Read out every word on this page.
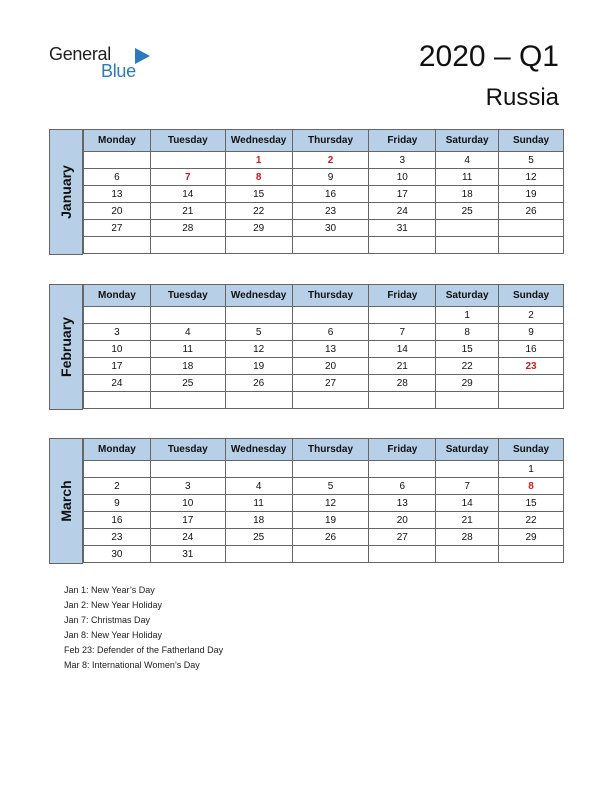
General
Blue	2020 – Q1
Russia
January
Monday	Tuesday	Wednesday	Thursday	Friday	Saturday	Sunday
		1	2	3	4	5
6	7	8	9	10	11	12
13	14	15	16	17	18	19
20	21	22	23	24	25	26
27	28	29	30	31		

February
Monday	Tuesday	Wednesday	Thursday	Friday	Saturday	Sunday
					1	2
3	4	5	6	7	8	9
10	11	12	13	14	15	16
17	18	19	20	21	22	23
24	25	26	27	28	29	

March
Monday	Tuesday	Wednesday	Thursday	Friday	Saturday	Sunday
						1
2	3	4	5	6	7	8
9	10	11	12	13	14	15
16	17	18	19	20	21	22
23	24	25	26	27	28	29
30	31					
Jan 1: New Year’s Day
Jan 2: New Year Holiday
Jan 7: Christmas Day
Jan 8: New Year Holiday
Feb 23: Defender of the Fatherland Day
Mar 8: International Women’s Day
